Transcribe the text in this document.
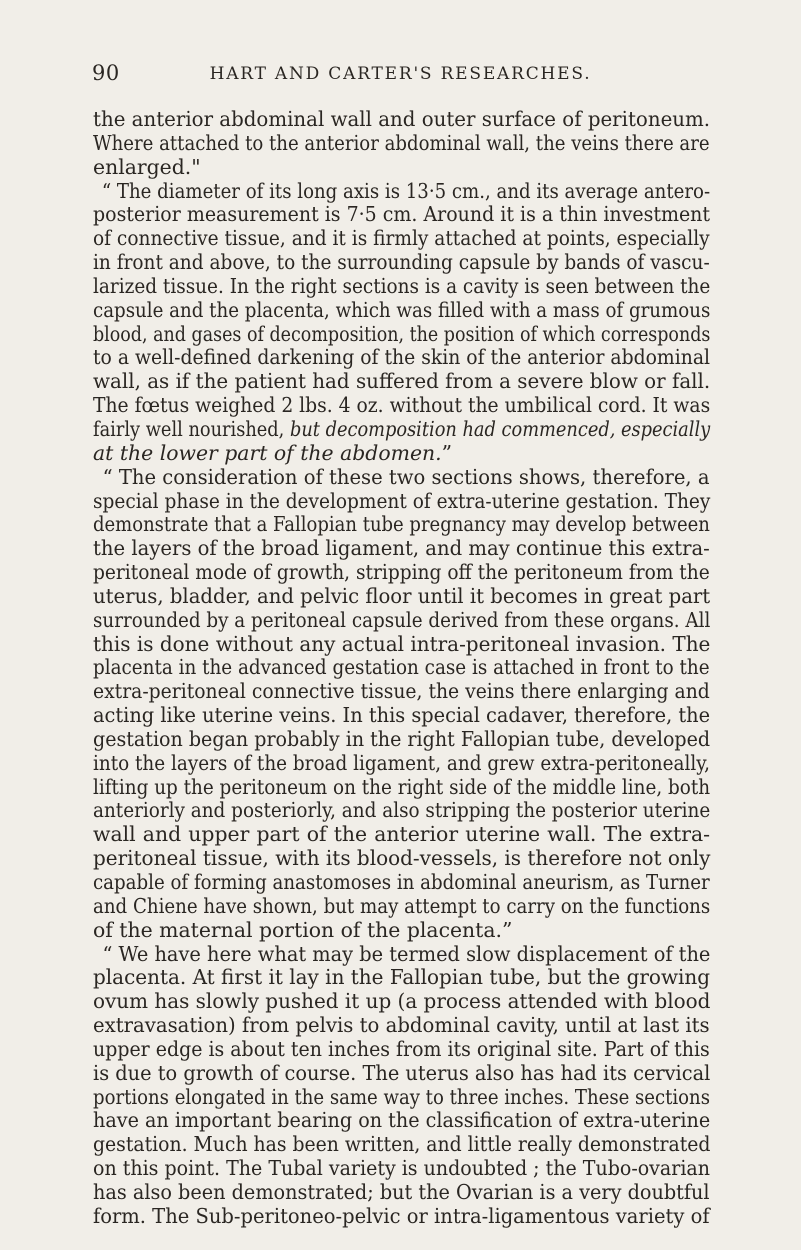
90	HART AND CARTER'S RESEARCHES.
the anterior abdominal wall and outer surface of peritoneum.
Where attached to the anterior abdominal wall, the veins there are
enlarged."
“ The diameter of its long axis is 13·5 cm., and its average antero-
posterior measurement is 7·5 cm. Around it is a thin investment
of connective tissue, and it is firmly attached at points, especially
in front and above, to the surrounding capsule by bands of vascu-
larized tissue. In the right sections is a cavity is seen between the
capsule and the placenta, which was filled with a mass of grumous
blood, and gases of decomposition, the position of which corresponds
to a well-defined darkening of the skin of the anterior abdominal
wall, as if the patient had suffered from a severe blow or fall.
The fœtus weighed 2 lbs. 4 oz. without the umbilical cord. It was
fairly well nourished, but decomposition had commenced, especially
at the lower part of the abdomen.”
“ The consideration of these two sections shows, therefore, a
special phase in the development of extra-uterine gestation. They
demonstrate that a Fallopian tube pregnancy may develop between
the layers of the broad ligament, and may continue this extra-
peritoneal mode of growth, stripping off the peritoneum from the
uterus, bladder, and pelvic floor until it becomes in great part
surrounded by a peritoneal capsule derived from these organs. All
this is done without any actual intra-peritoneal invasion. The
placenta in the advanced gestation case is attached in front to the
extra-peritoneal connective tissue, the veins there enlarging and
acting like uterine veins. In this special cadaver, therefore, the
gestation began probably in the right Fallopian tube, developed
into the layers of the broad ligament, and grew extra-peritoneally,
lifting up the peritoneum on the right side of the middle line, both
anteriorly and posteriorly, and also stripping the posterior uterine
wall and upper part of the anterior uterine wall. The extra-
peritoneal tissue, with its blood-vessels, is therefore not only
capable of forming anastomoses in abdominal aneurism, as Turner
and Chiene have shown, but may attempt to carry on the functions
of the maternal portion of the placenta.”
“ We have here what may be termed slow displacement of the
placenta. At first it lay in the Fallopian tube, but the growing
ovum has slowly pushed it up (a process attended with blood
extravasation) from pelvis to abdominal cavity, until at last its
upper edge is about ten inches from its original site. Part of this
is due to growth of course. The uterus also has had its cervical
portions elongated in the same way to three inches. These sections
have an important bearing on the classification of extra-uterine
gestation. Much has been written, and little really demonstrated
on this point. The Tubal variety is undoubted ; the Tubo-ovarian
has also been demonstrated; but the Ovarian is a very doubtful
form. The Sub-peritoneo-pelvic or intra-ligamentous variety of
